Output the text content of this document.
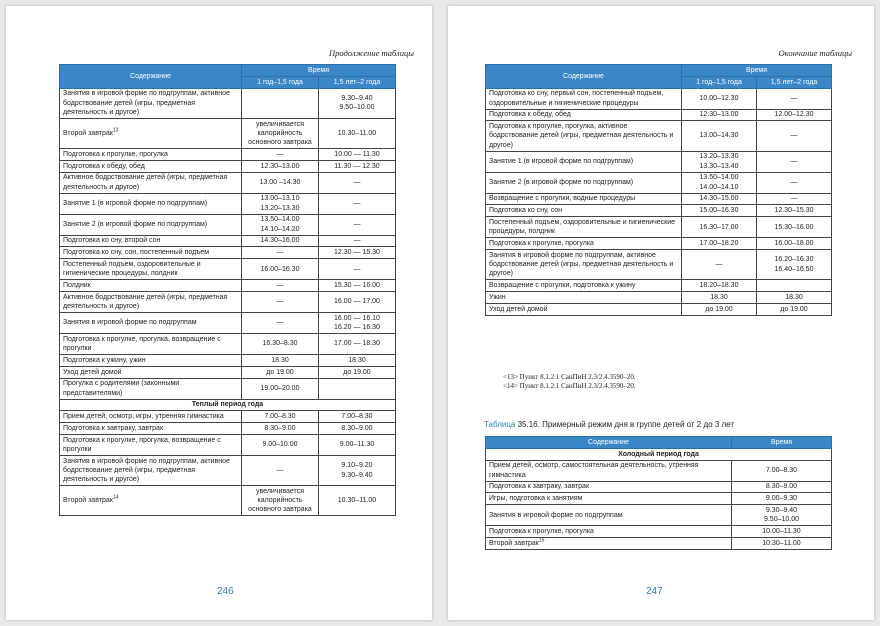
Продолжение таблицы
Содержание	Время	
	1 год–1,5 года	1,5 лет–2 года
Занятия в игровой форме по подгруппам, активное бодрствование детей (игры, предметная деятельность и другое)		9.30–9.40
9.50–10.00
Второй завтрак$^{13}$	увеличивается калорийность основного завтрака	10.30–11.00
Подготовка к прогулке, прогулка	—	10.00 — 11.30
Подготовка к обеду, обед	12.30–13.00	11.30 — 12.30
Активное бодрствование детей (игры, предметная деятельность и другое)	13.00 –14.30	—
Занятие 1 (в игровой форме по подгруппам)	13.00–13.10
13.20–13.30	—
Занятие 2 (в игровой форме по подгруппам)	13.50–14.00
14.10–14.20	—
Подготовка ко сну, второй сон	14.30–16.00	—
Подготовка ко сну, сон, постепенный подъем	—	12.30 — 15.30
Постепенный подъем, оздоровительные и гигиенические процедуры, полдник	16.00–16.30	—
Полдник	—	15.30 — 16.00
Активное бодрствование детей (игры, предметная деятельность и другое)	—	16.00 — 17.00
Занятия в игровой форме по подгруппам	—	16.00 — 16.10
16.20 — 16.30
Подготовка к прогулке, прогулка, возвращение с прогулки	16.30–8.30	17.00 — 18.30
Подготовка к ужину, ужин	18.30	18.30
Уход детей домой	до 19.00	до 19.00
Прогулка с родителями (законными представителями)	19.00–20.00	
Теплый период года		
Прием детей, осмотр, игры, утренняя гимнастика	7.00–8.30	7.00–8.30
Подготовка к завтраку, завтрак	8.30–9.00	8.30–9.00
Подготовка к прогулке, прогулка, возвращение с прогулки	9.00–10.00	9.00–11.30
Занятия в игровой форме по подгруппам, активное бодрствование детей (игры, предметная деятельность и другое)	—	9.10–9.20
9.30–9.40
Второй завтрак$^{14}$	увеличивается калорийность основного завтрака	10.30–11.00
246
Окончание таблицы
Содержание	Время	
	1 год–1,5 года	1,5 лет–2 года
Подготовка ко сну, первый сон, постепенный подъем, оздоровительные и гигиенические процедуры	10.00–12.30	—
Подготовка к обеду, обед	12.30–13.00	12.00–12.30
Подготовка к прогулке, прогулка, активное бодрствование детей (игры, предметная деятельность и другое)	13.00–14.30	—
Занятие 1 (в игровой форме по подгруппам)	13.20–13.30
13.30–13.40	—
Занятие 2 (в игровой форме по подгруппам)	13.50–14.00
14.00–14.10	—
Возвращение с прогулки, водные процедуры	14.30–15.00	—
Подготовка ко сну, сон	15.00–16.30	12.30–15.30
Постепенный подъем, оздоровительные и гигиенические процедуры, полдник	16.30–17.00	15.30–16.00
Подготовка к прогулке, прогулка	17.00–18.20	16.00–18.00
Занятия в игровой форме по подгруппам, активное бодрствование детей (игры, предметная деятельность и другое)	—	16.20–16.30
16.40–16.50
Возвращение с прогулки, подготовка к ужину	18.20–18.30	
Ужин	18.30	18.30
Уход детей домой	до 19.00	до 19.00
<13> Пункт 8.1.2.1 СанПиН 2.3/2.4.3590–20.
<14> Пункт 8.1.2.1 СанПиН 2.3/2.4.3590–20.
Таблица 35.16. Примерный режим дня в группе детей от 2 до 3 лет
Содержание	Время
Холодный период года	
Прием детей, осмотр, самостоятельная деятельность, утренняя гимнастика	7.00–8.30
Подготовка к завтраку, завтрак	8.30–9.00
Игры, подготовка к занятиям	9.00–9.30
Занятия в игровой форме по подгруппам	9.30–9.40
9.50–10.00
Подготовка к прогулке, прогулка	10.00–11.30
Второй завтрак$^{15}$	10.30–11.00
247
